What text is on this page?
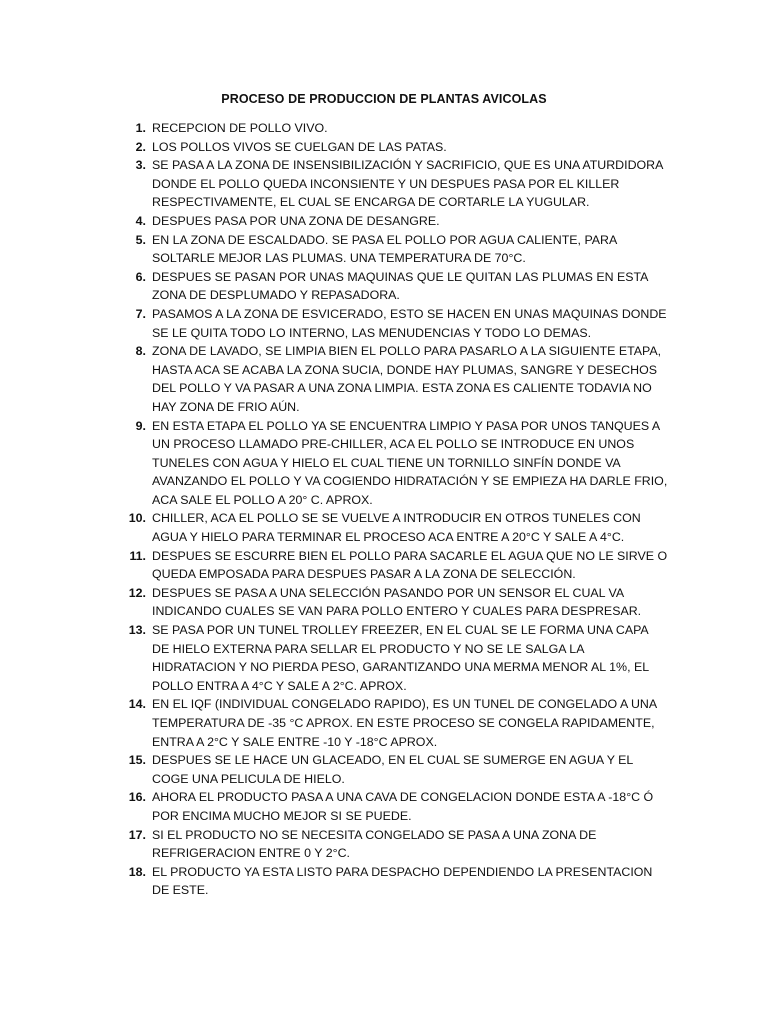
PROCESO DE PRODUCCION DE PLANTAS AVICOLAS
1. RECEPCION DE POLLO VIVO.
2. LOS POLLOS VIVOS SE CUELGAN DE LAS PATAS.
3. SE PASA A LA ZONA DE INSENSIBILIZACIÓN Y SACRIFICIO, QUE ES UNA ATURDIDORA DONDE EL POLLO QUEDA INCONSIENTE Y UN DESPUES PASA POR EL KILLER RESPECTIVAMENTE, EL CUAL SE ENCARGA DE CORTARLE LA YUGULAR.
4. DESPUES PASA POR UNA ZONA DE DESANGRE.
5. EN LA ZONA DE ESCALDADO. SE PASA EL POLLO POR AGUA CALIENTE, PARA SOLTARLE MEJOR LAS PLUMAS. UNA TEMPERATURA DE 70°C.
6. DESPUES SE PASAN POR UNAS MAQUINAS QUE LE QUITAN LAS PLUMAS EN ESTA ZONA DE DESPLUMADO Y REPASADORA.
7. PASAMOS A LA ZONA DE ESVICERADO, ESTO SE HACEN EN UNAS MAQUINAS DONDE SE LE QUITA TODO LO INTERNO, LAS MENUDENCIAS Y TODO LO DEMAS.
8. ZONA DE LAVADO, SE LIMPIA BIEN EL POLLO PARA PASARLO A LA SIGUIENTE ETAPA, HASTA ACA SE ACABA LA ZONA SUCIA, DONDE HAY PLUMAS, SANGRE Y DESECHOS DEL POLLO Y VA PASAR A UNA ZONA LIMPIA. ESTA ZONA ES CALIENTE TODAVIA NO HAY ZONA DE FRIO AÚN.
9. EN ESTA ETAPA EL POLLO YA SE ENCUENTRA LIMPIO Y PASA POR UNOS TANQUES A UN PROCESO LLAMADO PRE-CHILLER, ACA EL POLLO SE INTRODUCE EN UNOS TUNELES CON AGUA Y HIELO EL CUAL TIENE UN TORNILLO SINFÍN DONDE VA AVANZANDO EL POLLO Y VA COGIENDO HIDRATACIÓN Y SE EMPIEZA HA DARLE FRIO, ACA SALE EL POLLO A 20° C. APROX.
10. CHILLER, ACA EL POLLO SE SE VUELVE A INTRODUCIR EN OTROS TUNELES CON AGUA Y HIELO PARA TERMINAR EL PROCESO ACA ENTRE A 20°C Y SALE A 4°C.
11. DESPUES SE ESCURRE BIEN EL POLLO PARA SACARLE EL AGUA QUE NO LE SIRVE O QUEDA EMPOSADA PARA DESPUES PASAR A LA ZONA DE SELECCIÓN.
12. DESPUES SE PASA A UNA SELECCIÓN PASANDO POR UN SENSOR EL CUAL VA INDICANDO CUALES SE VAN PARA POLLO ENTERO Y CUALES PARA DESPRESAR.
13. SE PASA POR UN TUNEL TROLLEY FREEZER, EN EL CUAL SE LE FORMA UNA CAPA DE HIELO EXTERNA PARA SELLAR EL PRODUCTO Y NO SE LE SALGA LA HIDRATACION Y NO PIERDA PESO, GARANTIZANDO UNA MERMA MENOR AL 1%, EL POLLO ENTRA A 4°C Y SALE A 2°C. APROX.
14. EN EL IQF (INDIVIDUAL CONGELADO RAPIDO), ES UN TUNEL DE CONGELADO A UNA TEMPERATURA DE -35 °C APROX. EN ESTE PROCESO SE CONGELA RAPIDAMENTE, ENTRA A 2°C Y SALE ENTRE -10 Y -18°C APROX.
15. DESPUES SE LE HACE UN GLACEADO, EN EL CUAL SE SUMERGE EN AGUA Y EL COGE UNA PELICULA DE HIELO.
16. AHORA EL PRODUCTO PASA A UNA CAVA DE CONGELACION DONDE ESTA A -18°C Ó POR ENCIMA MUCHO MEJOR SI SE PUEDE.
17. SI EL PRODUCTO NO SE NECESITA CONGELADO SE PASA A UNA ZONA DE REFRIGERACION ENTRE 0 Y 2°C.
18. EL PRODUCTO YA ESTA LISTO PARA DESPACHO DEPENDIENDO LA PRESENTACION DE ESTE.
